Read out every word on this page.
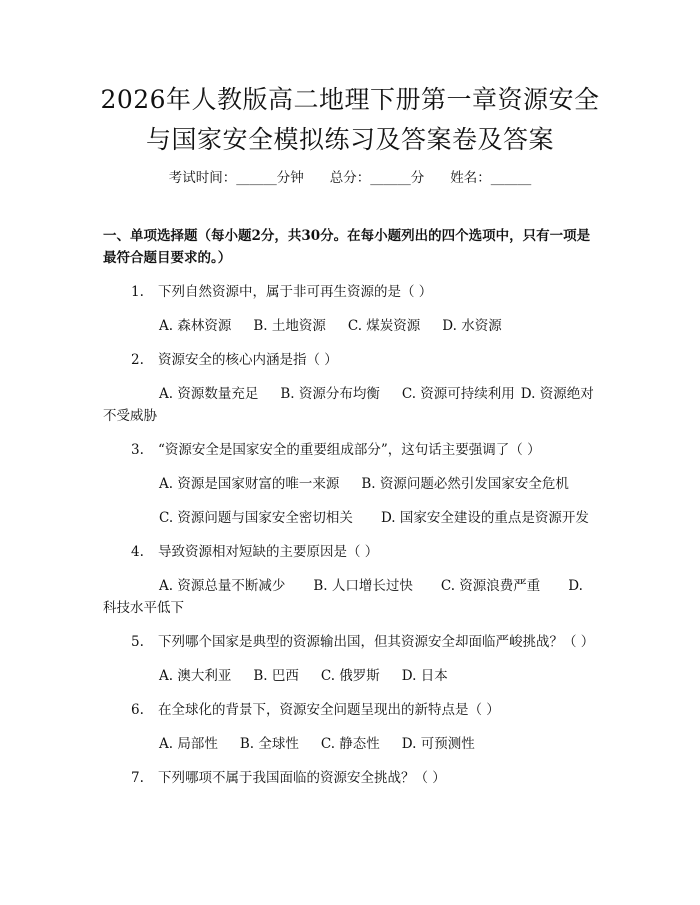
2026年人教版高二地理下册第一章资源安全

与国家安全模拟练习及答案卷及答案

考试时间：______分钟 总分：______分 姓名：______

一、单项选择题（每小题2分，共30分。在每小题列出的四个选项中，只有一项是最符合题目要求的。）

1. 下列自然资源中，属于非可再生资源的是（ ）
A. 森林资源 B. 土地资源 C. 煤炭资源 D. 水资源
2. 资源安全的核心内涵是指（ ）
A. 资源数量充足 B. 资源分布均衡 C. 资源可持续利用 D. 资源绝对不受威胁
3. “资源安全是国家安全的重要组成部分”，这句话主要强调了（ ）
A. 资源是国家财富的唯一来源 B. 资源问题必然引发国家安全危机
C. 资源问题与国家安全密切相关 D. 国家安全建设的重点是资源开发
4. 导致资源相对短缺的主要原因是（ ）
A. 资源总量不断减少 B. 人口增长过快 C. 资源浪费严重 D. 科技水平低下
5. 下列哪个国家是典型的资源输出国，但其资源安全却面临严峻挑战？（ ）
A. 澳大利亚 B. 巴西 C. 俄罗斯 D. 日本
6. 在全球化的背景下，资源安全问题呈现出的新特点是（ ）
A. 局部性 B. 全球性 C. 静态性 D. 可预测性
7. 下列哪项不属于我国面临的资源安全挑战？（ ）
